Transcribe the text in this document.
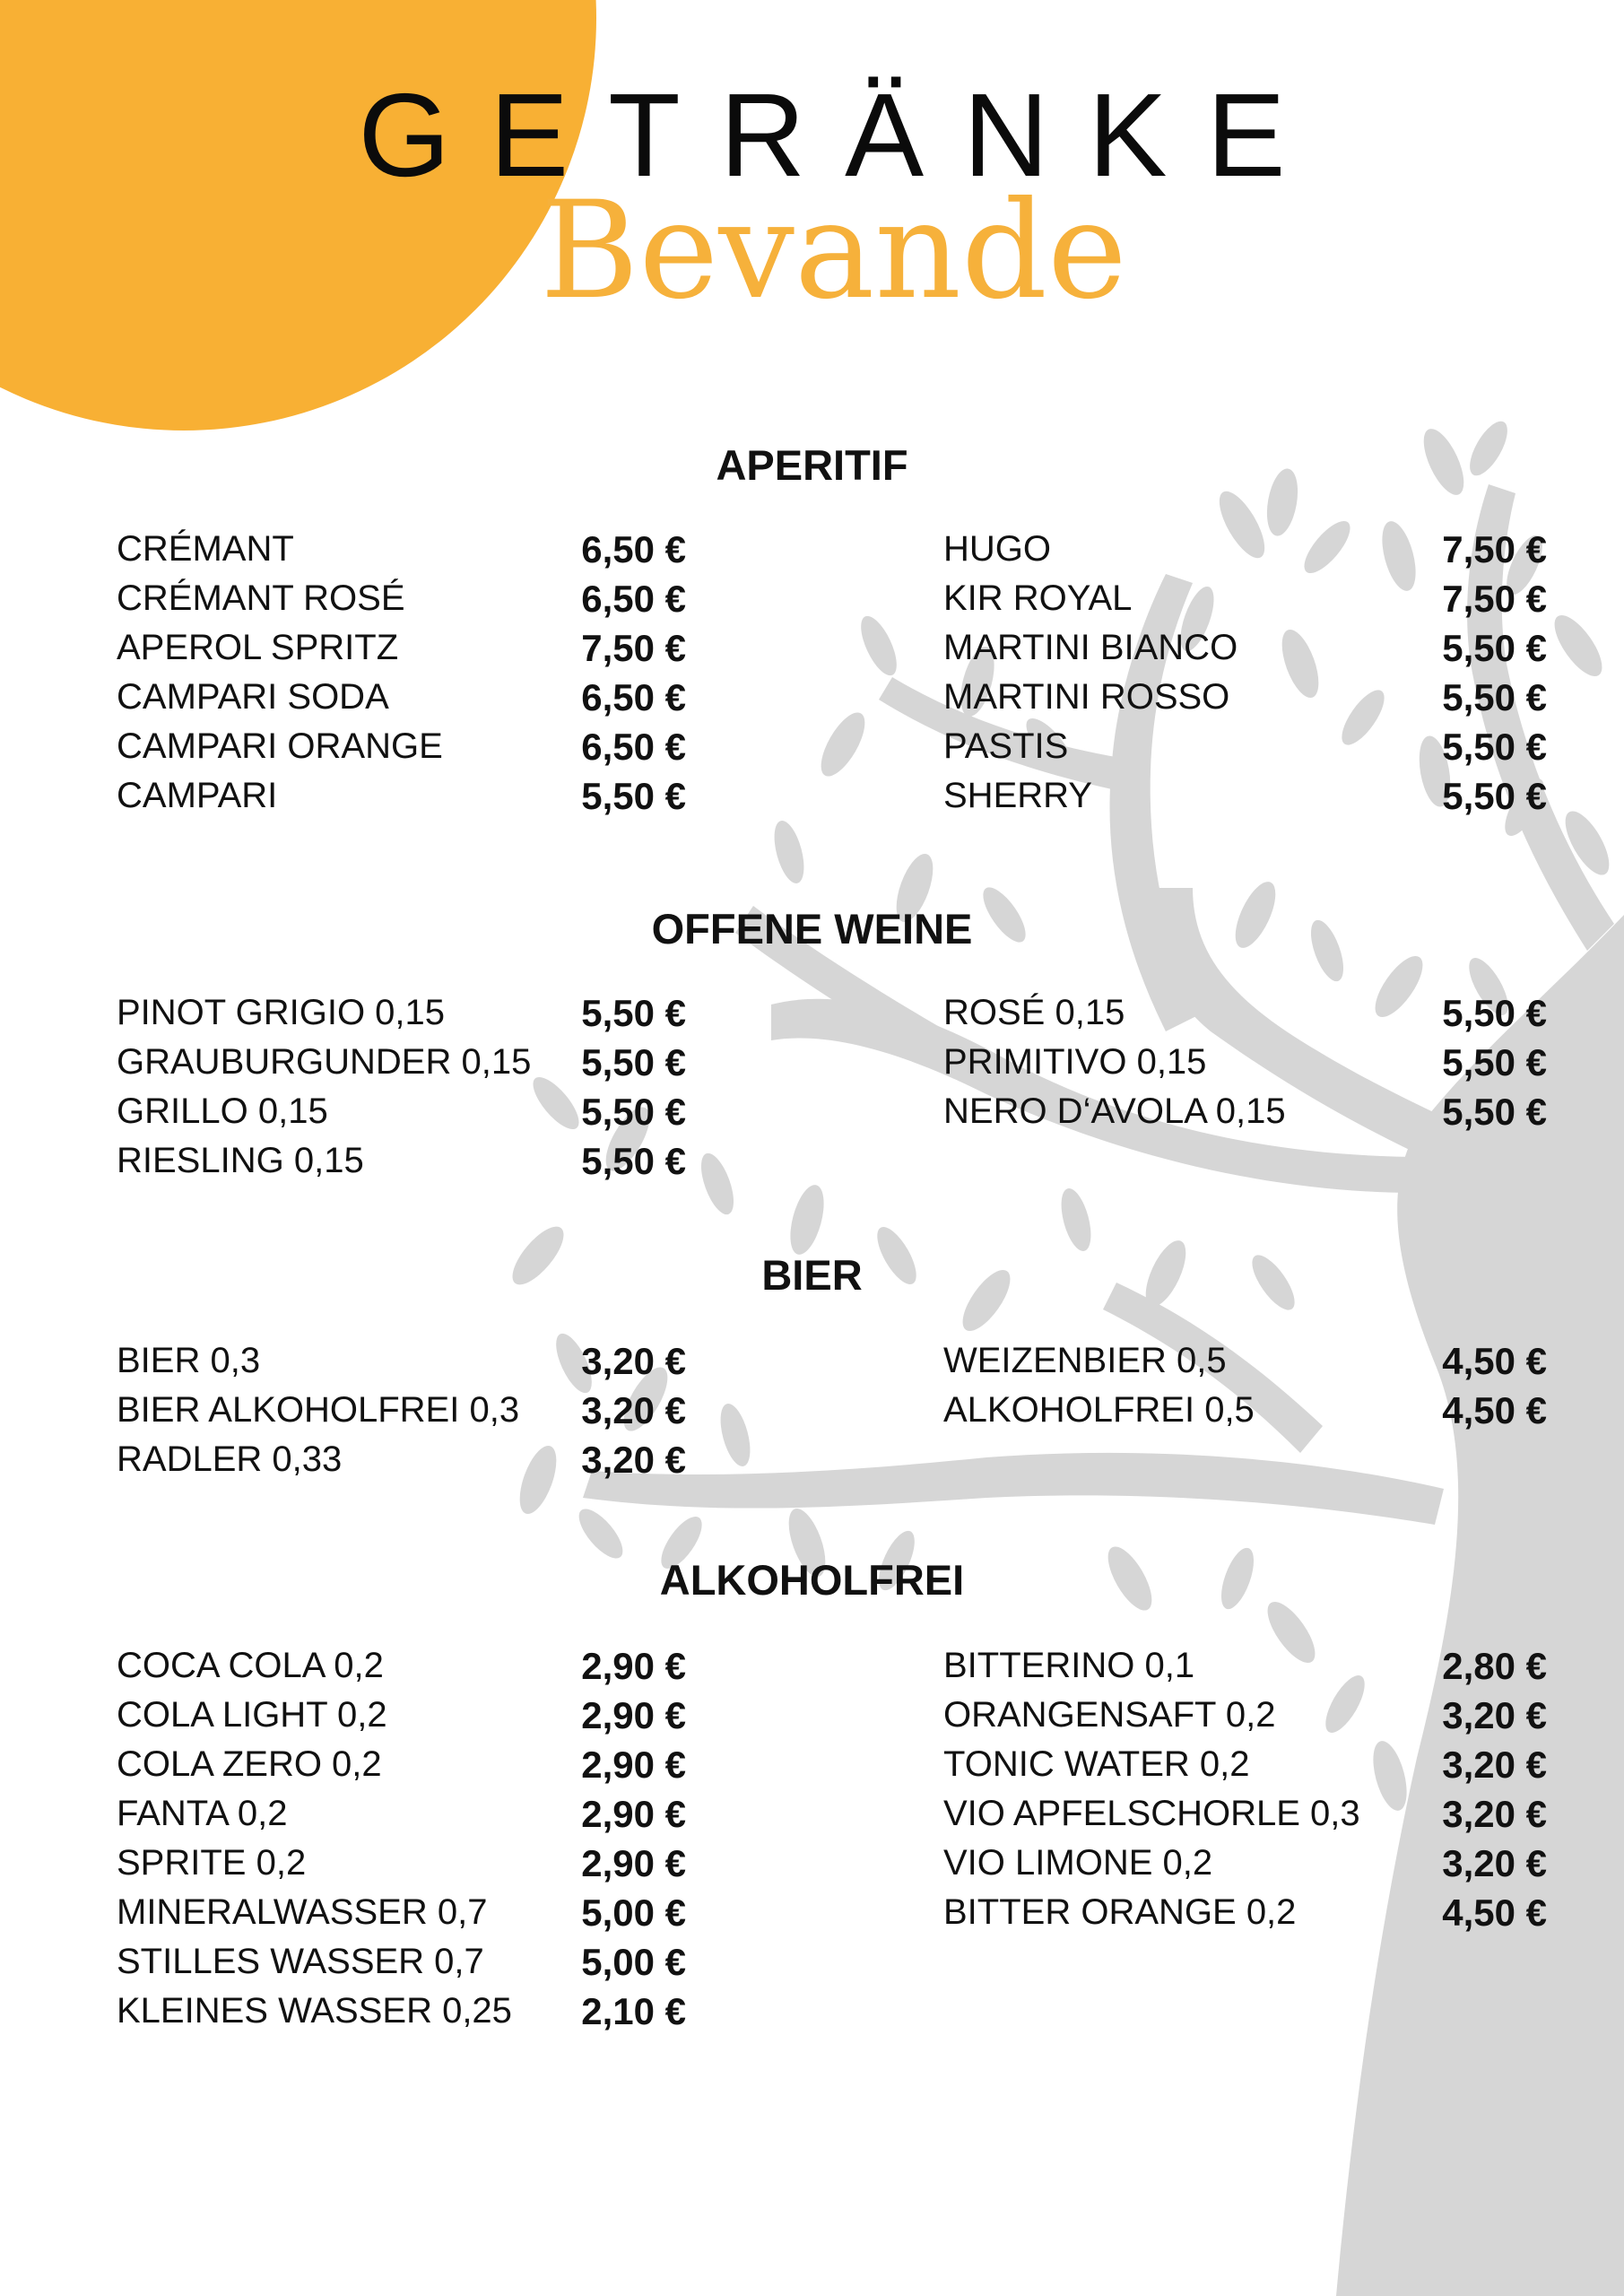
GETRÄNKE
Bevande
APERITIF
CRÉMANT	6,50 €
CRÉMANT ROSÉ	6,50 €
APEROL SPRITZ	7,50 €
CAMPARI SODA	6,50 €
CAMPARI ORANGE	6,50 €
CAMPARI	5,50 €
HUGO	7,50 €
KIR ROYAL	7,50 €
MARTINI BIANCO	5,50 €
MARTINI ROSSO	5,50 €
PASTIS	5,50 €
SHERRY	5,50 €
OFFENE WEINE
PINOT GRIGIO 0,15	5,50 €
GRAUBURGUNDER 0,15 5,50 €
GRILLO 0,15	5,50 €
RIESLING 0,15	5,50 €
ROSÉ 0,15	5,50 €
PRIMITIVO 0,15	5,50 €
NERO D‘AVOLA 0,15	5,50 €
BIER
BIER 0,3	3,20 €
BIER ALKOHOLFREI 0,3 3,20 €
RADLER 0,33	3,20 €
WEIZENBIER 0,5	4,50 €
ALKOHOLFREI 0,5	4,50 €
ALKOHOLFREI
COCA COLA 0,2	2,90 €
COLA LIGHT 0,2	2,90 €
COLA ZERO 0,2	2,90 €
FANTA 0,2	2,90 €
SPRITE 0,2	2,90 €
MINERALWASSER 0,7 5,00 €
STILLES WASSER 0,7	5,00 €
KLEINES WASSER 0,25 2,10 €
BITTERINO 0,1	2,80 €
ORANGENSAFT 0,2	3,20 €
TONIC WATER 0,2	3,20 €
VIO APFELSCHORLE 0,3 3,20 €
VIO LIMONE 0,2	3,20 €
BITTER ORANGE 0,2	4,50 €
